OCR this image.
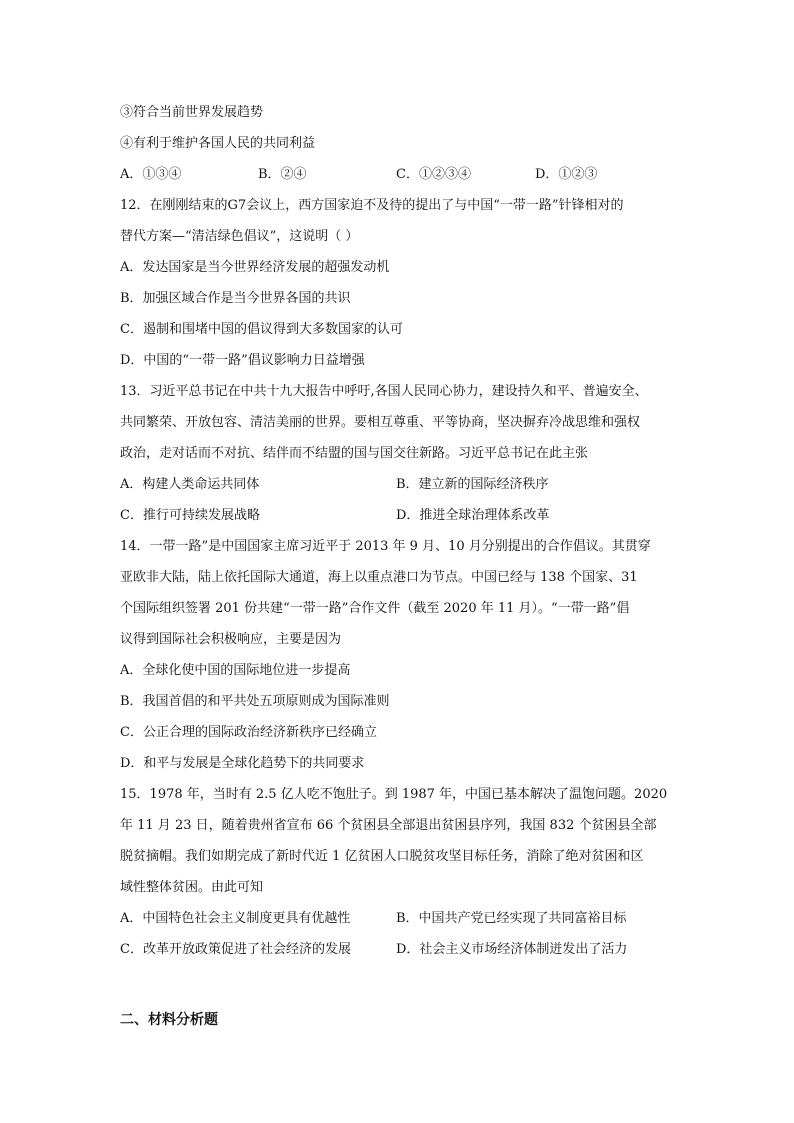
③符合当前世界发展趋势
④有利于维护各国人民的共同利益
A．①③④	B．②④	C．①②③④	D．①②③
12．在刚刚结束的G7会议上，西方国家迫不及待的提出了与中国“一带一路”针锋相对的
替代方案—“清洁绿色倡议”，这说明（ ）
A．发达国家是当今世界经济发展的超强发动机
B．加强区域合作是当今世界各国的共识
C．遏制和围堵中国的倡议得到大多数国家的认可
D．中国的“一带一路”倡议影响力日益增强
13．习近平总书记在中共十九大报告中呼吁,各国人民同心协力，建设持久和平、普遍安全、
共同繁荣、开放包容、清洁美丽的世界。要相互尊重、平等协商，坚决摒弃冷战思维和强权
政治，走对话而不对抗、结伴而不结盟的国与国交往新路。习近平总书记在此主张
A．构建人类命运共同体	B．建立新的国际经济秩序
C．推行可持续发展战略	D．推进全球治理体系改革
14．一带一路”是中国国家主席习近平于 2013 年 9 月、10 月分别提出的合作倡议。其贯穿
亚欧非大陆，陆上依托国际大通道，海上以重点港口为节点。中国已经与 138 个国家、31
个国际组织签署 201 份共建“一带一路”合作文件（截至 2020 年 11 月）。“一带一路”倡
议得到国际社会积极响应，主要是因为
A．全球化使中国的国际地位进一步提高
B．我国首倡的和平共处五项原则成为国际准则
C．公正合理的国际政治经济新秩序已经确立
D．和平与发展是全球化趋势下的共同要求
15．1978 年，当时有 2.5 亿人吃不饱肚子。到 1987 年，中国已基本解决了温饱问题。2020
年 11 月 23 日，随着贵州省宣布 66 个贫困县全部退出贫困县序列，我国 832 个贫困县全部
脱贫摘帽。我们如期完成了新时代近 1 亿贫困人口脱贫攻坚目标任务，消除了绝对贫困和区
域性整体贫困。由此可知
A．中国特色社会主义制度更具有优越性	B．中国共产党已经实现了共同富裕目标
C．改革开放政策促进了社会经济的发展	D．社会主义市场经济体制迸发出了活力
二、材料分析题
